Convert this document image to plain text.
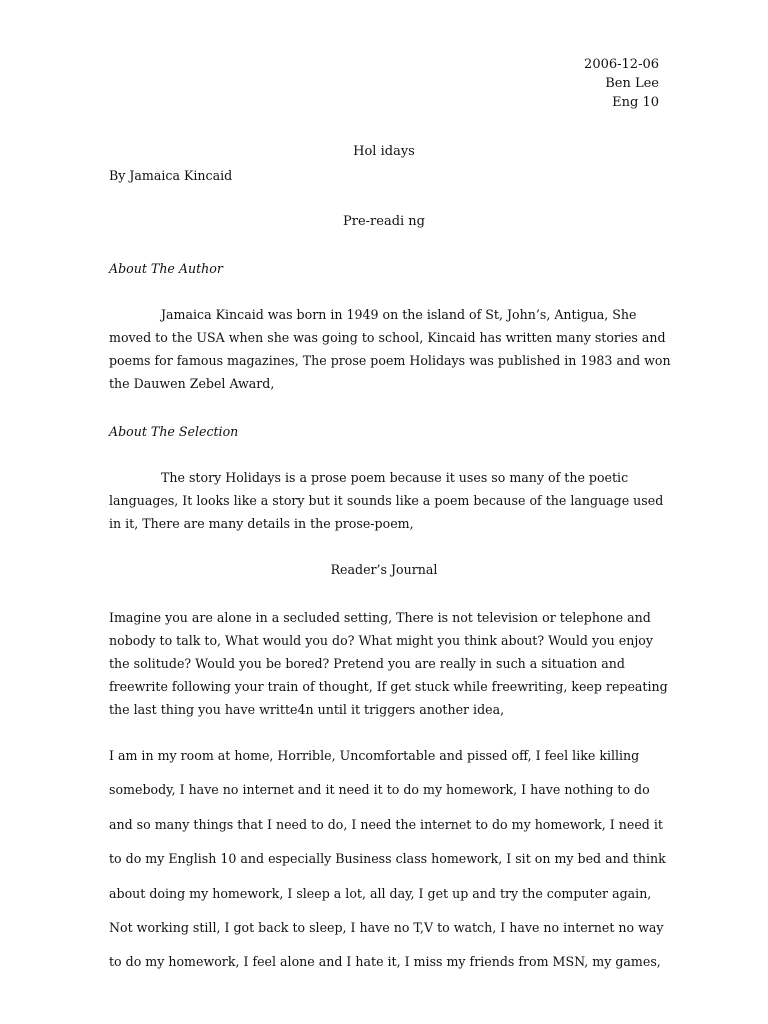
2006-12-06
Ben Lee
Eng 10
Hol idays
By Jamaica Kincaid
Pre-readi ng
About The Author
Jamaica Kincaid was born in 1949 on the island of St, John’s, Antigua, She
moved to the USA when she was going to school, Kincaid has written many stories and
poems for famous magazines, The prose poem Holidays was published in 1983 and won
the Dauwen Zebel Award,
About The Selection
The story Holidays is a prose poem because it uses so many of the poetic
languages, It looks like a story but it sounds like a poem because of the language used
in it, There are many details in the prose-poem,
Reader’s Journal
Imagine you are alone in a secluded setting, There is not television or telephone and
nobody to talk to, What would you do? What might you think about? Would you enjoy
the solitude? Would you be bored? Pretend you are really in such a situation and
freewrite following your train of thought, If get stuck while freewriting, keep repeating
the last thing you have writte4n until it triggers another idea,
I am in my room at home, Horrible, Uncomfortable and pissed off, I feel like killing
somebody, I have no internet and it need it to do my homework, I have nothing to do
and so many things that I need to do, I need the internet to do my homework, I need it
to do my English 10 and especially Business class homework, I sit on my bed and think
about doing my homework, I sleep a lot, all day, I get up and try the computer again,
Not working still, I got back to sleep, I have no T,V to watch, I have no internet no way
to do my homework, I feel alone and I hate it, I miss my friends from MSN, my games,
